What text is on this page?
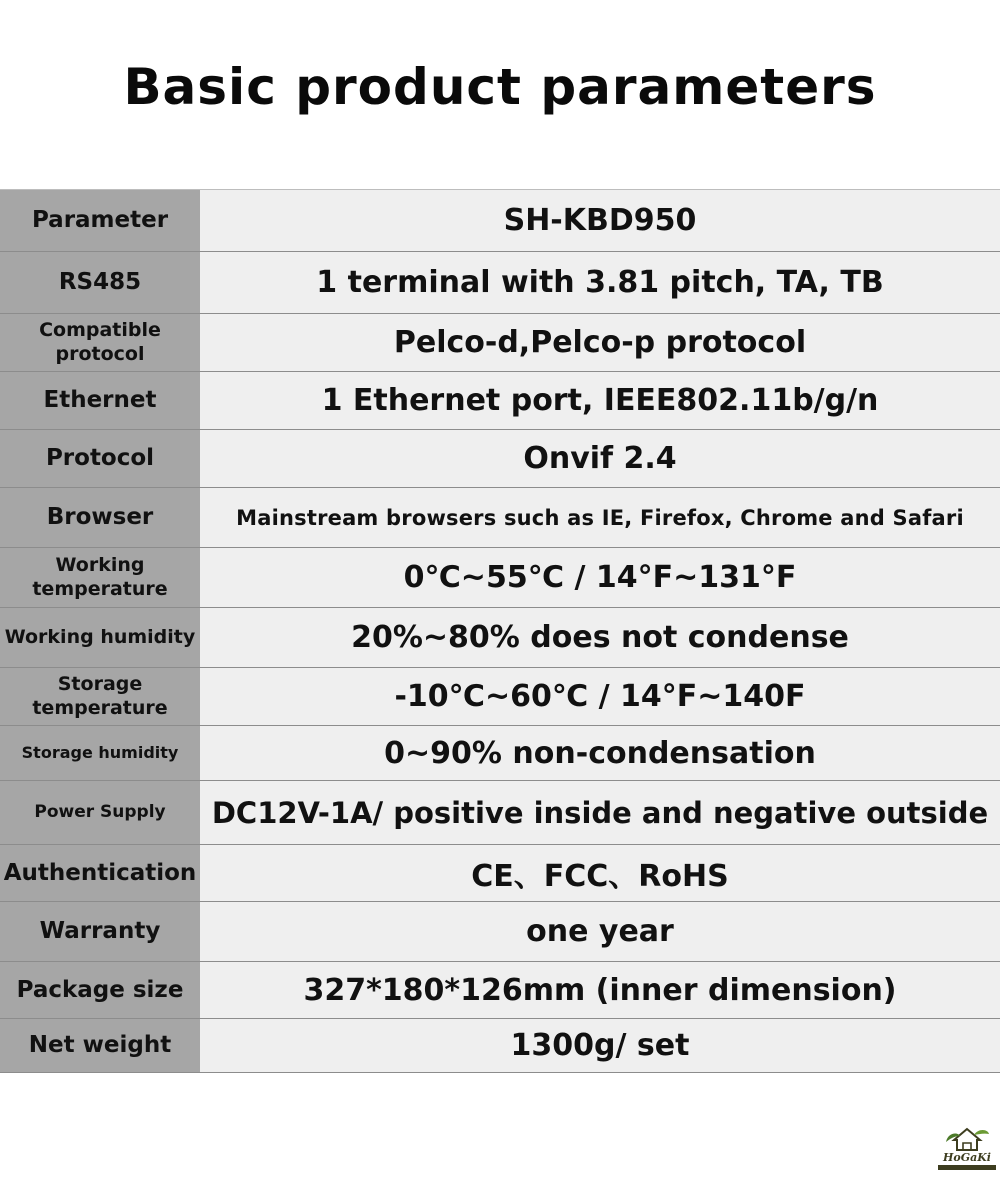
Basic product parameters
Parameter	SH-KBD950
RS485	1 terminal with 3.81 pitch, TA, TB
Compatible protocol	Pelco-d,Pelco-p protocol
Ethernet	1 Ethernet port, IEEE802.11b/g/n
Protocol	Onvif 2.4
Browser	Mainstream browsers such as IE, Firefox, Chrome and Safari
Working temperature	0℃~55℃ / 14°F~131°F
Working humidity	20%~80% does not condense
Storage temperature	-10℃~60℃ / 14°F~140F
Storage humidity	0~90% non-condensation
Power Supply	DC12V-1A/ positive inside and negative outside
Authentication	CE、FCC、RoHS
Warranty	one year
Package size	327*180*126mm (inner dimension)
Net weight	1300g/ set
HoGaKi
